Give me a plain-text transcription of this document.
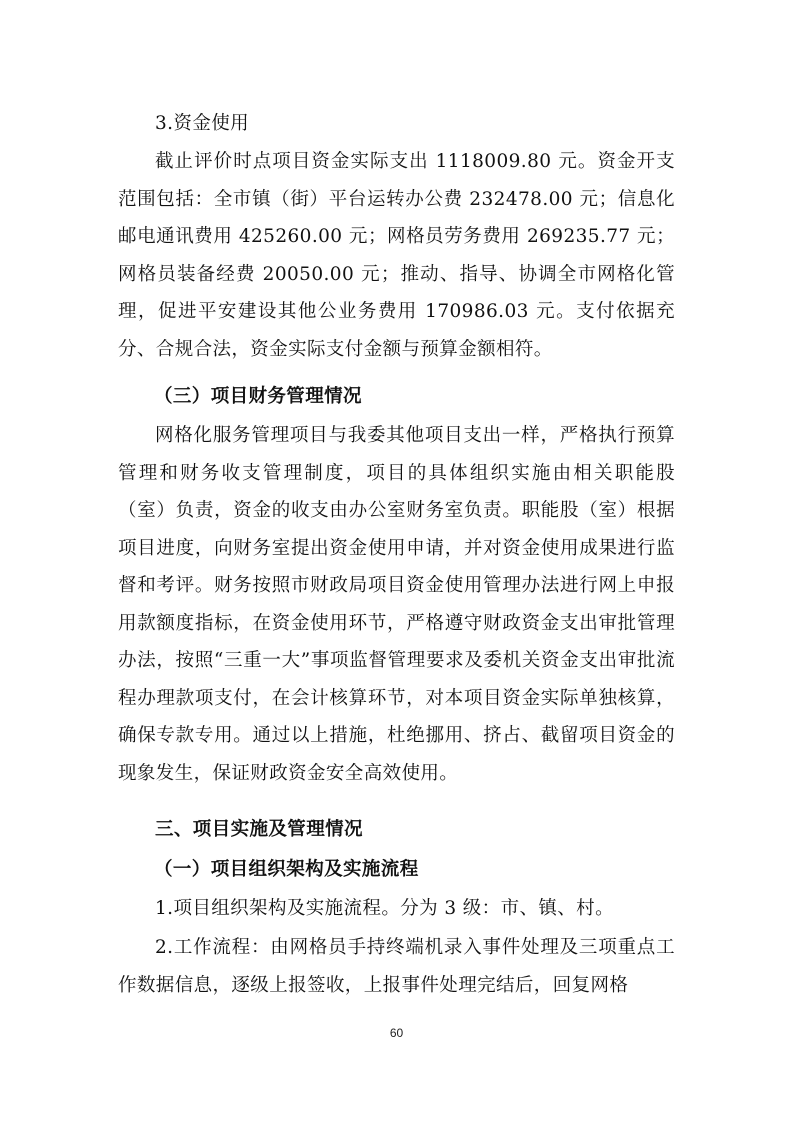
3.资金使用

截止评价时点项目资金实际支出 1118009.80 元。资金开支范围包括：全市镇（街）平台运转办公费 232478.00 元；信息化邮电通讯费用 425260.00 元；网格员劳务费用 269235.77 元；网格员装备经费 20050.00 元；推动、指导、协调全市网格化管理，促进平安建设其他公业务费用 170986.03 元。支付依据充分、合规合法，资金实际支付金额与预算金额相符。

（三）项目财务管理情况

网格化服务管理项目与我委其他项目支出一样，严格执行预算管理和财务收支管理制度，项目的具体组织实施由相关职能股（室）负责，资金的收支由办公室财务室负责。职能股（室）根据项目进度，向财务室提出资金使用申请，并对资金使用成果进行监督和考评。财务按照市财政局项目资金使用管理办法进行网上申报用款额度指标，在资金使用环节，严格遵守财政资金支出审批管理办法，按照“三重一大”事项监督管理要求及委机关资金支出审批流程办理款项支付，在会计核算环节，对本项目资金实际单独核算，确保专款专用。通过以上措施，杜绝挪用、挤占、截留项目资金的现象发生，保证财政资金安全高效使用。

三、项目实施及管理情况

（一）项目组织架构及实施流程

1.项目组织架构及实施流程。分为 3 级：市、镇、村。

2.工作流程：由网格员手持终端机录入事件处理及三项重点工作数据信息，逐级上报签收，上报事件处理完结后，回复网格

60
